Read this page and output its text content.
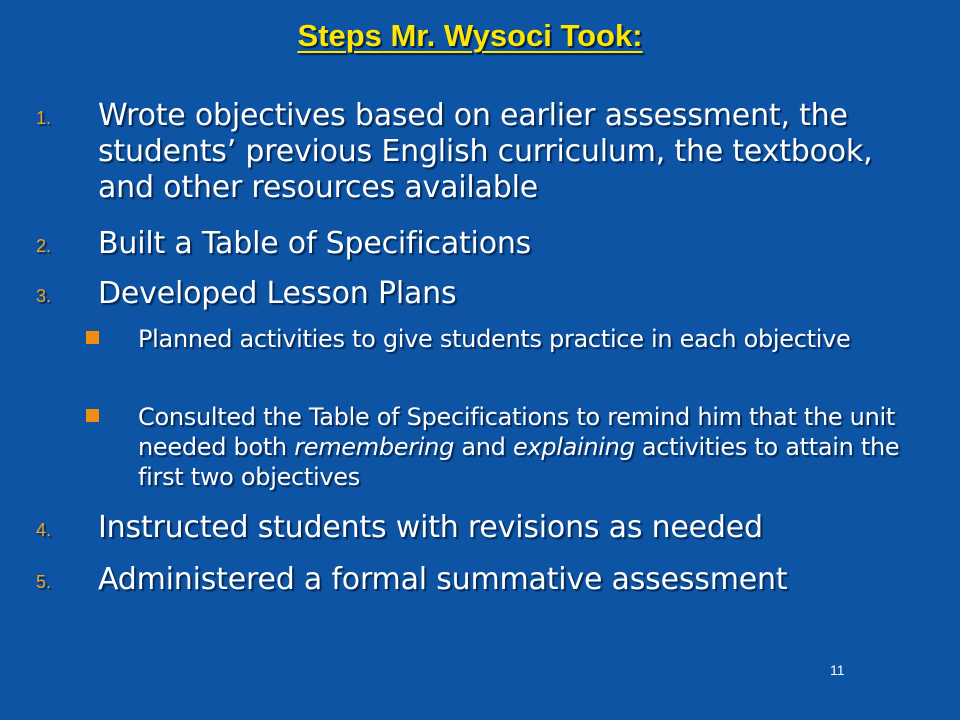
Steps Mr. Wysoci Took:
1. Wrote objectives based on earlier assessment, the students’ previous English curriculum, the textbook, and other resources available
2. Built a Table of Specifications
3. Developed Lesson Plans
Planned activities to give students practice in each objective
Consulted the Table of Specifications to remind him that the unit needed both remembering and explaining activities to attain the first two objectives
4. Instructed students with revisions as needed
5. Administered a formal summative assessment
11
